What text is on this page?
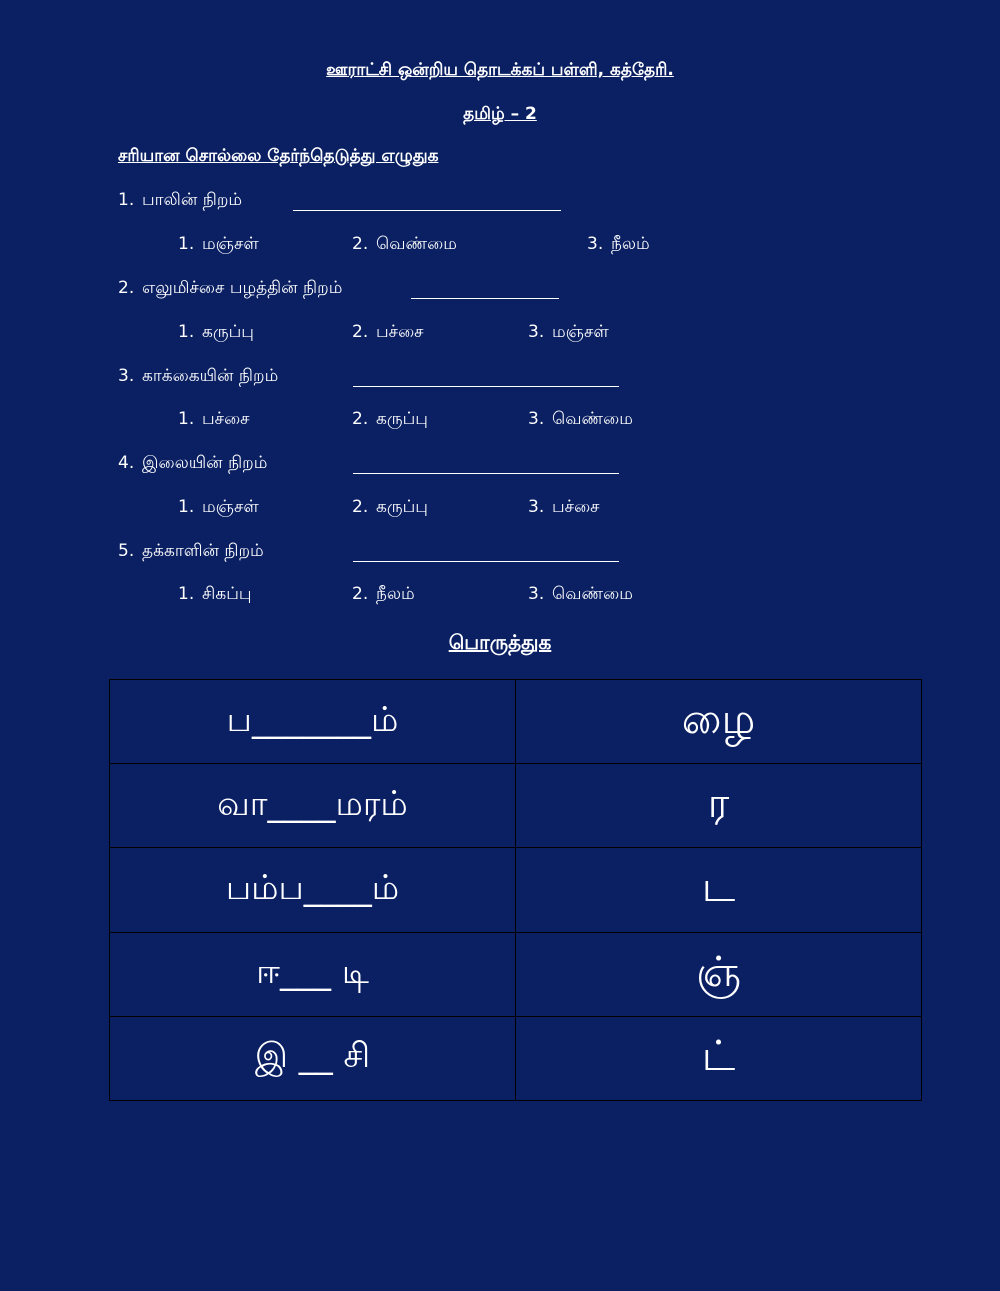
ஊராட்சி ஒன்றிய தொடக்கப் பள்ளி, கத்தேரி.
தமிழ் – 2
சரியான சொல்லை தேர்ந்தெடுத்து எழுதுக
1. பாலின் நிறம்
1. மஞ்சள்	2. வெண்மை	3. நீலம்
2. எலுமிச்சை பழத்தின் நிறம்
1. கருப்பு	2. பச்சை	3. மஞ்சள்
3. காக்கையின் நிறம்
1. பச்சை	2. கருப்பு	3. வெண்மை
4. இலையின் நிறம்
1. மஞ்சள்	2. கருப்பு	3. பச்சை
5. தக்காளின் நிறம்
1. சிகப்பு	2. நீலம்	3. வெண்மை
பொருத்துக
ப_______ம்	ழை
வா____மரம்	ர
பம்ப____ம்	ட
ஈ___ டி	ஞ்
இ __ சி	ட்
